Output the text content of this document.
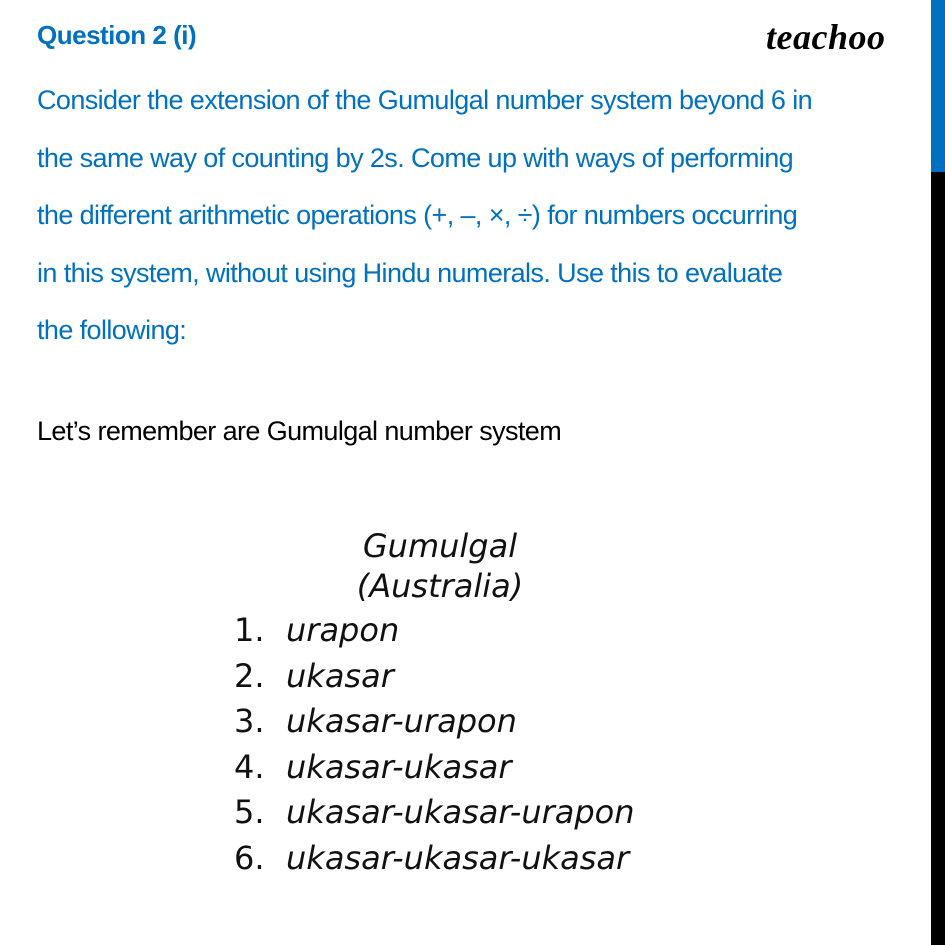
Question 2 (i)	teachoo
Consider the extension of the Gumulgal number system beyond 6 in
the same way of counting by 2s. Come up with ways of performing
the different arithmetic operations (+, –, ×, ÷) for numbers occurring
in this system, without using Hindu numerals. Use this to evaluate
the following:
Let’s remember are Gumulgal number system
Gumulgal
(Australia)
1. urapon
2. ukasar
3. ukasar-urapon
4. ukasar-ukasar
5. ukasar-ukasar-urapon
6. ukasar-ukasar-ukasar
